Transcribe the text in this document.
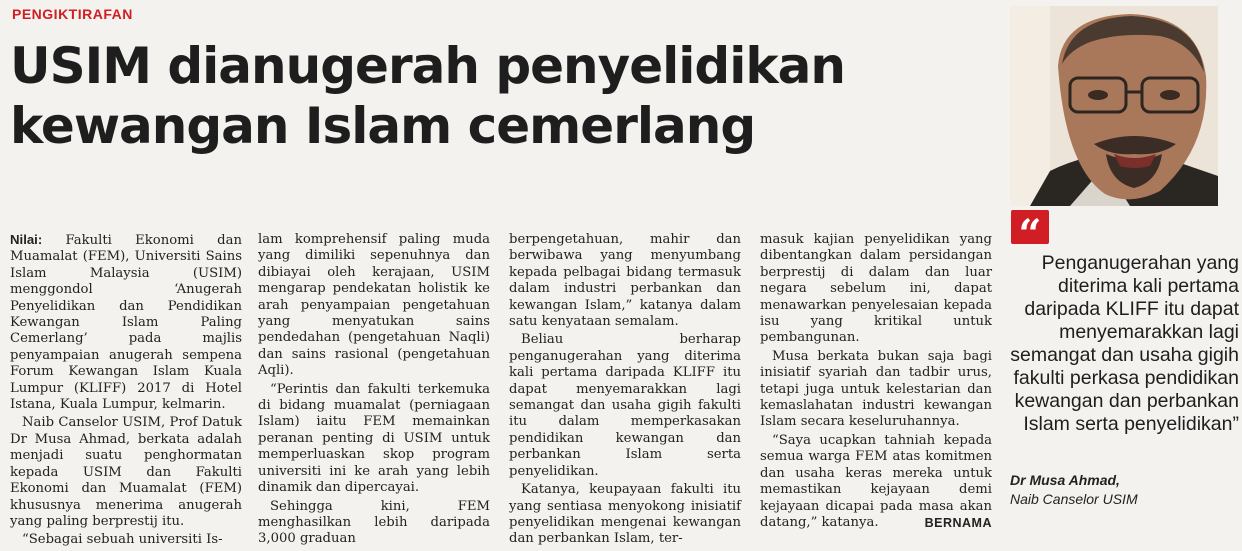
PENGIKTIRAFAN
USIM dianugerah penyelidikan
kewangan Islam cemerlang

Nilai: Fakulti Ekonomi dan Muamalat (FEM), Universiti Sains Islam Malaysia (USIM) menggondol ‘Anugerah Penyelidikan dan Pendidikan Kewangan Islam Paling Cemerlang’ pada majlis penyampaian anugerah sempena Forum Kewangan Islam Kuala Lumpur (KLIFF) 2017 di Hotel Istana, Kuala Lumpur, kelmarin.

Naib Canselor USIM, Prof Datuk Dr Musa Ahmad, berkata adalah menjadi suatu penghormatan kepada USIM dan Fakulti Ekonomi dan Muamalat (FEM) khususnya menerima anugerah yang paling berprestij itu.

“Sebagai sebuah universiti Is-

lam komprehensif paling muda yang dimiliki sepenuhnya dan dibiayai oleh kerajaan, USIM mengarap pendekatan holistik ke arah penyampaian pengetahuan yang menyatukan sains pendedahan (pengetahuan Naqli) dan sains rasional (pengetahuan Aqli).

“Perintis dan fakulti terkemuka di bidang muamalat (perniagaan Islam) iaitu FEM memainkan peranan penting di USIM untuk memperluaskan skop program universiti ini ke arah yang lebih dinamik dan dipercayai.

Sehingga kini, FEM menghasilkan lebih daripada 3,000 graduan

berpengetahuan, mahir dan berwibawa yang menyumbang kepada pelbagai bidang termasuk dalam industri perbankan dan kewangan Islam,” katanya dalam satu kenyataan semalam.

Beliau berharap penganugerahan yang diterima kali pertama daripada KLIFF itu dapat menyemarakkan lagi semangat dan usaha gigih fakulti itu dalam memperkasakan pendidikan kewangan dan perbankan Islam serta penyelidikan.

Katanya, keupayaan fakulti itu yang sentiasa menyokong inisiatif penyelidikan mengenai kewangan dan perbankan Islam, ter-

masuk kajian penyelidikan yang dibentangkan dalam persidangan berprestij di dalam dan luar negara sebelum ini, dapat menawarkan penyelesaian kepada isu yang kritikal untuk pembangunan.

Musa berkata bukan saja bagi inisiatif syariah dan tadbir urus, tetapi juga untuk kelestarian dan kemaslahatan industri kewangan Islam secara keseluruhannya.

“Saya ucapkan tahniah kepada semua warga FEM atas komitmen dan usaha keras mereka untuk memastikan kejayaan demi kejayaan dicapai pada masa akan datang,” katanya.	BERNAMA

“
Penganugerahan yang diterima kali pertama daripada KLIFF itu dapat menyemarakkan lagi semangat dan usaha gigih fakulti perkasa pendidikan kewangan dan perbankan Islam serta penyelidikan”
Dr Musa Ahmad,
Naib Canselor USIM
